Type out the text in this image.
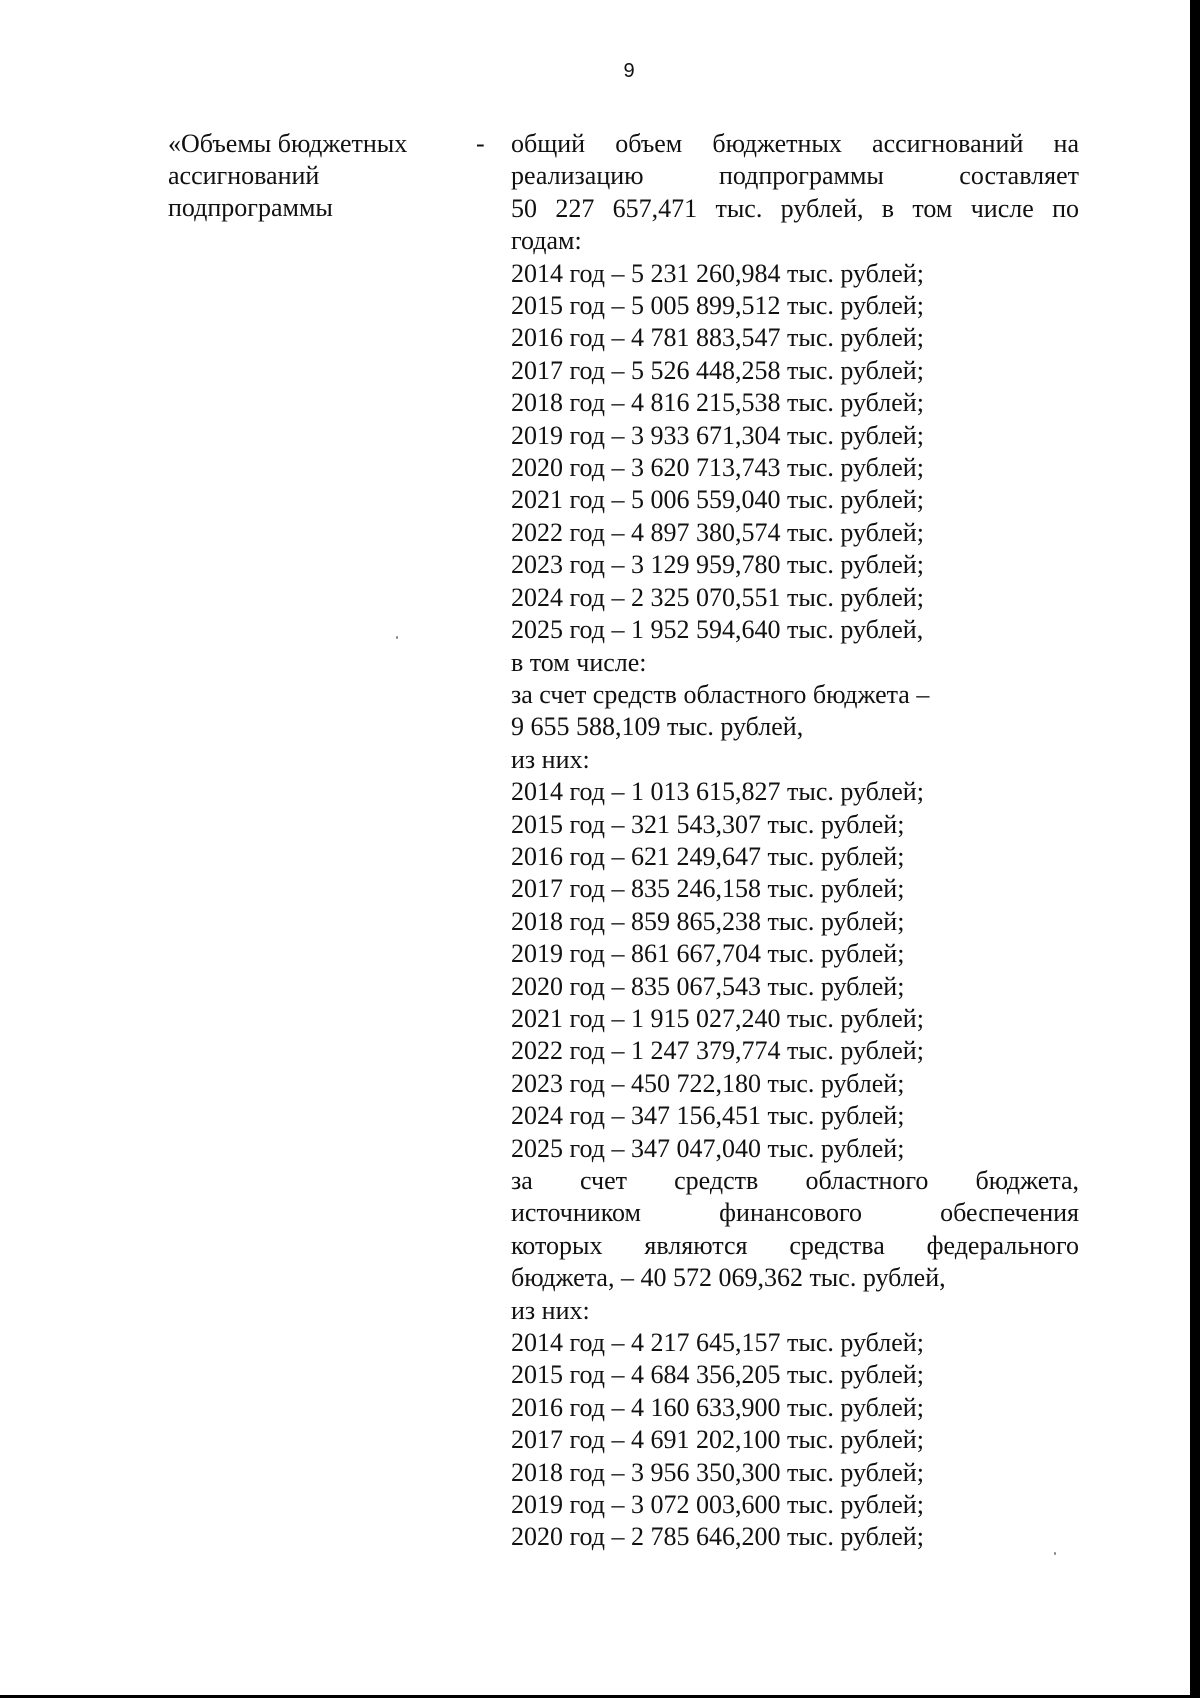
9
«Объемы бюджетных
ассигнований
подпрограммы
- общий объем бюджетных ассигнований на
реализацию подпрограммы составляет
50 227 657,471 тыс. рублей, в том числе по
годам:
2014 год – 5 231 260,984 тыс. рублей;
2015 год – 5 005 899,512 тыс. рублей;
2016 год – 4 781 883,547 тыс. рублей;
2017 год – 5 526 448,258 тыс. рублей;
2018 год – 4 816 215,538 тыс. рублей;
2019 год – 3 933 671,304 тыс. рублей;
2020 год – 3 620 713,743 тыс. рублей;
2021 год – 5 006 559,040 тыс. рублей;
2022 год – 4 897 380,574 тыс. рублей;
2023 год – 3 129 959,780 тыс. рублей;
2024 год – 2 325 070,551 тыс. рублей;
2025 год – 1 952 594,640 тыс. рублей,
в том числе:
за счет средств областного бюджета –
9 655 588,109 тыс. рублей,
из них:
2014 год – 1 013 615,827 тыс. рублей;
2015 год – 321 543,307 тыс. рублей;
2016 год – 621 249,647 тыс. рублей;
2017 год – 835 246,158 тыс. рублей;
2018 год – 859 865,238 тыс. рублей;
2019 год – 861 667,704 тыс. рублей;
2020 год – 835 067,543 тыс. рублей;
2021 год – 1 915 027,240 тыс. рублей;
2022 год – 1 247 379,774 тыс. рублей;
2023 год – 450 722,180 тыс. рублей;
2024 год – 347 156,451 тыс. рублей;
2025 год – 347 047,040 тыс. рублей;
за счет средств областного бюджета,
источником финансового обеспечения
которых являются средства федерального
бюджета, – 40 572 069,362 тыс. рублей,
из них:
2014 год – 4 217 645,157 тыс. рублей;
2015 год – 4 684 356,205 тыс. рублей;
2016 год – 4 160 633,900 тыс. рублей;
2017 год – 4 691 202,100 тыс. рублей;
2018 год – 3 956 350,300 тыс. рублей;
2019 год – 3 072 003,600 тыс. рублей;
2020 год – 2 785 646,200 тыс. рублей;
